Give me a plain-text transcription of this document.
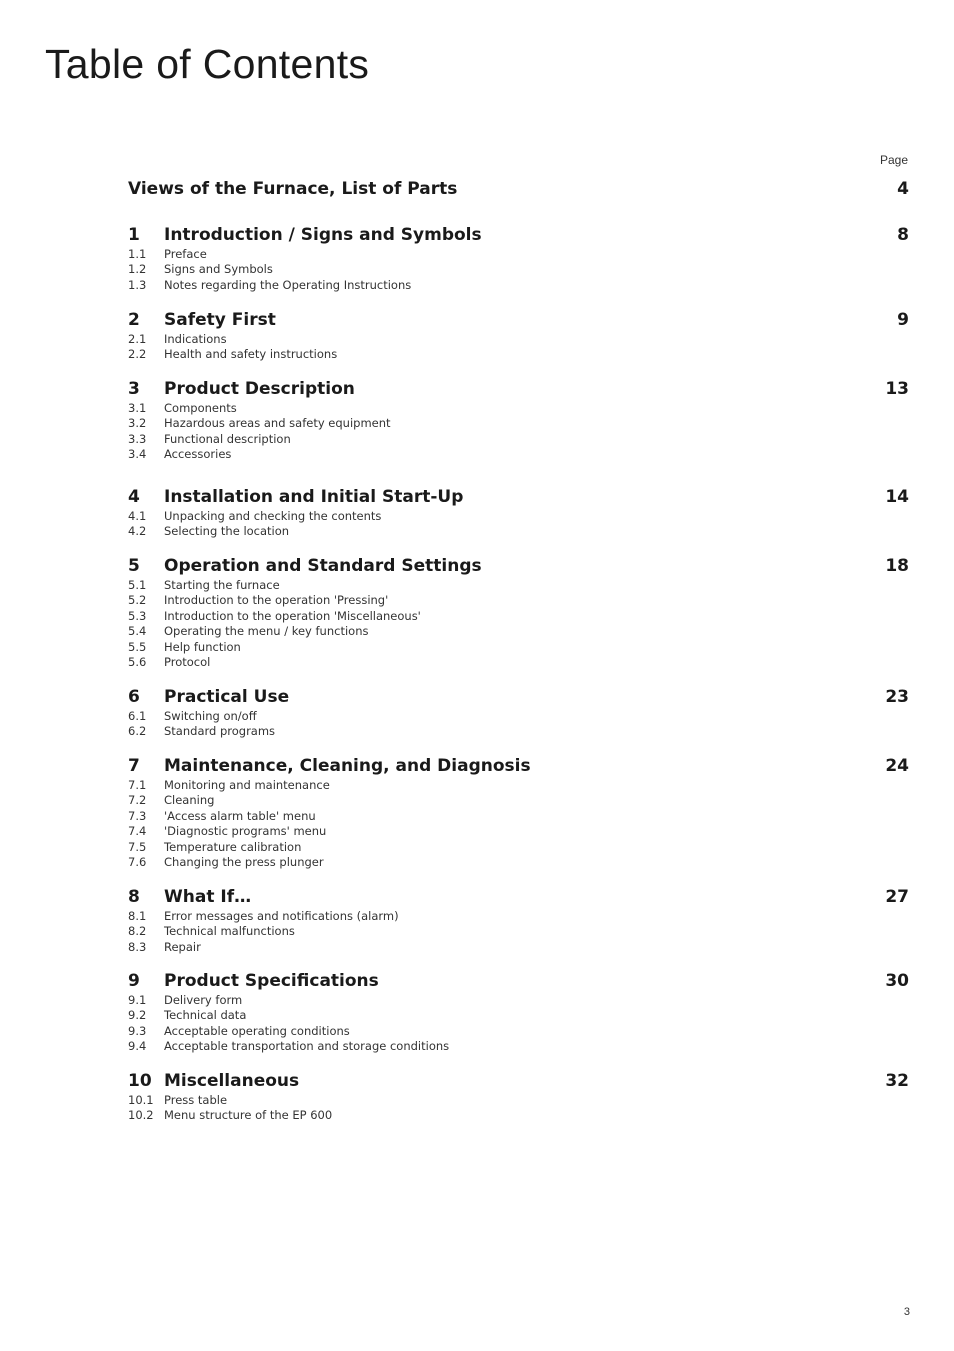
Table of Contents
Page
Views of the Furnace, List of Parts	4
1 Introduction / Signs and Symbols	8
1.1 Preface
1.2 Signs and Symbols
1.3 Notes regarding the Operating Instructions
2 Safety First	9
2.1 Indications
2.2 Health and safety instructions
3 Product Description	13
3.1 Components
3.2 Hazardous areas and safety equipment
3.3 Functional description
3.4 Accessories
4 Installation and Initial Start-Up	14
4.1 Unpacking and checking the contents
4.2 Selecting the location
5 Operation and Standard Settings	18
5.1 Starting the furnace
5.2 Introduction to the operation 'Pressing'
5.3 Introduction to the operation 'Miscellaneous'
5.4 Operating the menu / key functions
5.5 Help function
5.6 Protocol
6 Practical Use	23
6.1 Switching on/off
6.2 Standard programs
7 Maintenance, Cleaning, and Diagnosis	24
7.1 Monitoring and maintenance
7.2 Cleaning
7.3 'Access alarm table' menu
7.4 'Diagnostic programs' menu
7.5 Temperature calibration
7.6 Changing the press plunger
8 What If…	27
8.1 Error messages and notifications (alarm)
8.2 Technical malfunctions
8.3 Repair
9 Product Specifications	30
9.1 Delivery form
9.2 Technical data
9.3 Acceptable operating conditions
9.4 Acceptable transportation and storage conditions
10 Miscellaneous	32
10.1 Press table
10.2 Menu structure of the EP 600
3
